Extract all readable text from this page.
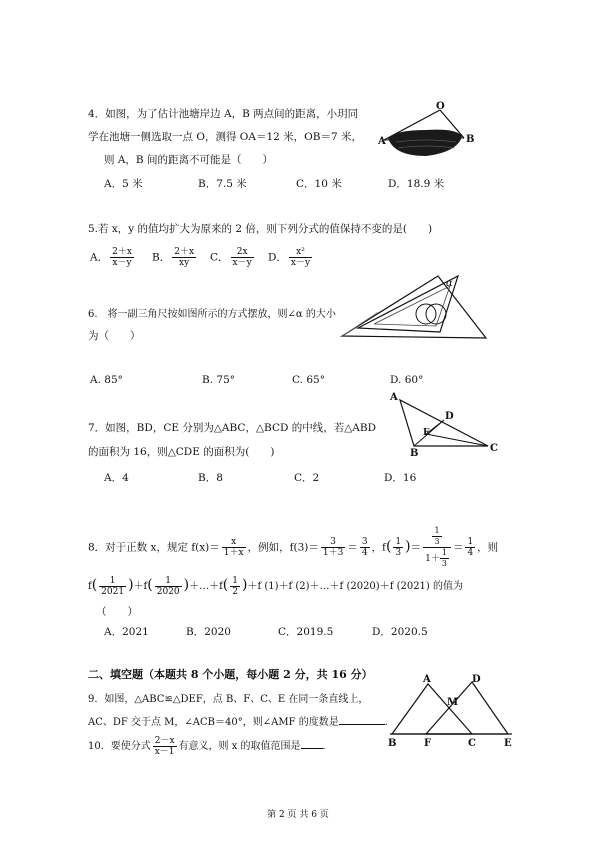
4．如图，为了估计池塘岸边 A，B 两点间的距离，小玥同
学在池塘一侧选取一点 O，测得 OA＝12 米，OB＝7 米，
则 A，B 间的距离不可能是（　　）
A．5 米	B．7.5 米	C．10 米	D．18.9 米
O
A	B
5.若 x，y 的值均扩大为原来的 2 倍，则下列分式的值保持不变的是(　　)
A． $\frac{2+x}{x-y}$ B． $\frac{2+x}{xy}$ C． $\frac{2x}{x-y}$ D． $\frac{\text{x²}}{x-y}$
6.　将一副三角尺按如图所示的方式摆放，则∠α 的大小
为（　　）
A. 85°	B. 75°	C. 65°	D. 60°
α
7．如图，BD，CE 分别为△ABC，△BCD 的中线，若△ABD
的面积为 16，则△CDE 的面积为(　　)
A．4	B．8	C．2	D．16
A
B	C
D
E
8．对于正数 x，规定 $f(x)= \frac{x}{1+x}$ ，例如，$f(3)= \frac{3}{1+3} = \frac{3}{4}$ ，$f( \frac{1}{3}$ )＝ $\frac{\frac{1}{3}}{1+ \frac{1}{3}} = \frac{1}{4}$ ，则
$f( \frac{1}{2021} )+f( \frac{1}{2020}$ )＋…＋f( $\frac{1}{2} )+f$ (1)＋f (2)＋…＋f (2020)＋f (2021) 的值为
（　　）
A．2021	B．2020	C．2019.5	D．2020.5
二、填空题（本题共 8 个小题，每小题 2 分，共 16 分）
9．如图，△ABC≌△DEF，点 B、F、C、E 在同一条直线上，
AC、DF 交于点 M，∠ACB＝40°，则∠AMF 的度数是	．
A	D
M
B	F	C	E
10．要使分式 $\frac{2-x}{x-1}$ 有意义，则 x 的取值范围是 ．
第 2 页 共 6 页
